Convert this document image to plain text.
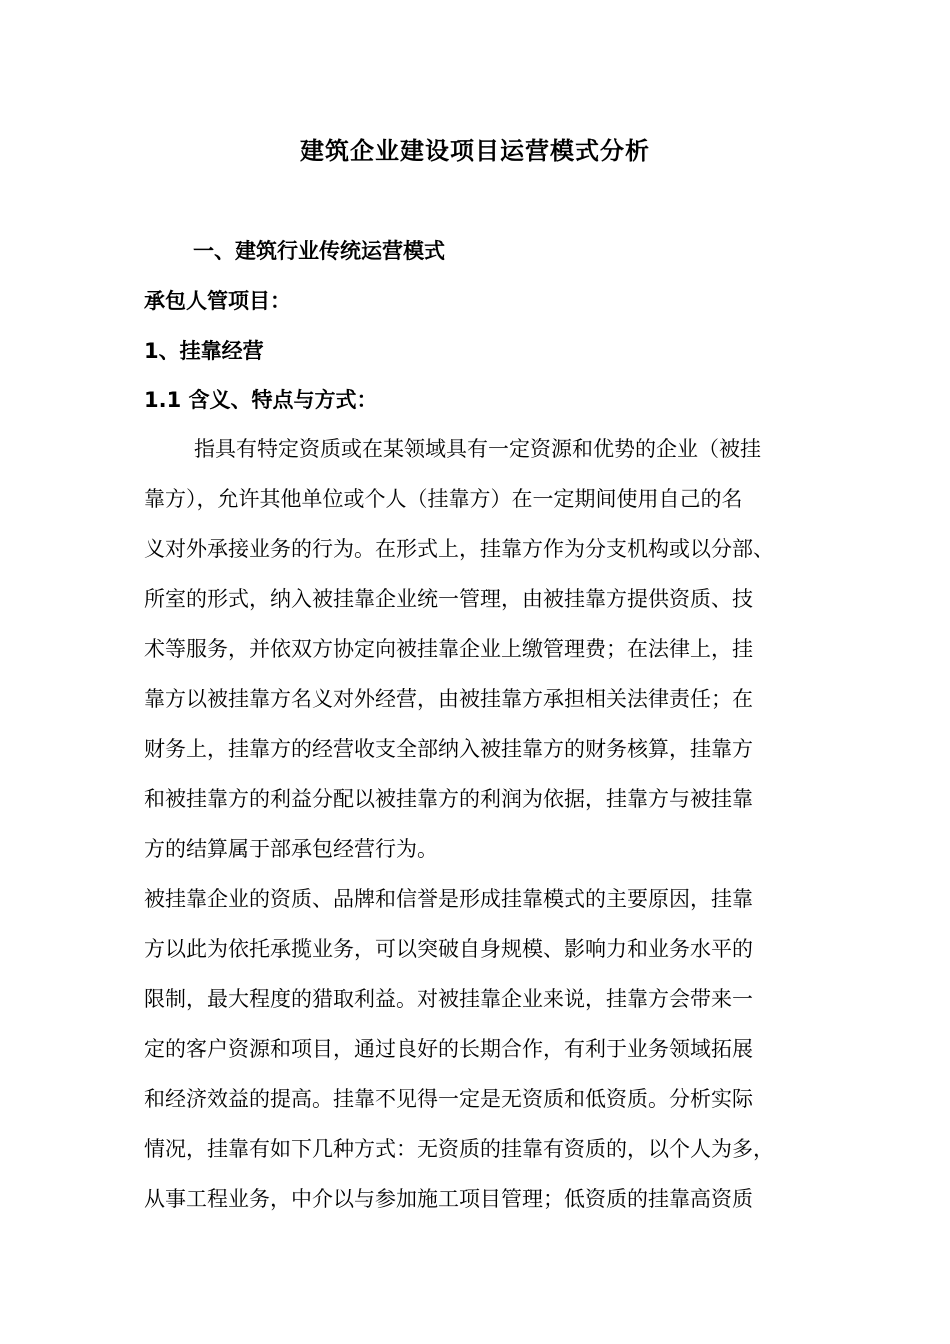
建筑企业建设项目运营模式分析
一、建筑行业传统运营模式
承包人管项目：
1、挂靠经营
1.1 含义、特点与方式：
指具有特定资质或在某领域具有一定资源和优势的企业（被挂
靠方），允许其他单位或个人（挂靠方）在一定期间使用自己的名
义对外承接业务的行为。在形式上，挂靠方作为分支机构或以分部、
所室的形式，纳入被挂靠企业统一管理，由被挂靠方提供资质、技
术等服务，并依双方协定向被挂靠企业上缴管理费；在法律上，挂
靠方以被挂靠方名义对外经营，由被挂靠方承担相关法律责任；在
财务上，挂靠方的经营收支全部纳入被挂靠方的财务核算，挂靠方
和被挂靠方的利益分配以被挂靠方的利润为依据，挂靠方与被挂靠
方的结算属于部承包经营行为。
被挂靠企业的资质、品牌和信誉是形成挂靠模式的主要原因，挂靠
方以此为依托承揽业务，可以突破自身规模、影响力和业务水平的
限制，最大程度的猎取利益。对被挂靠企业来说，挂靠方会带来一
定的客户资源和项目，通过良好的长期合作，有利于业务领域拓展
和经济效益的提高。挂靠不见得一定是无资质和低资质。分析实际
情况，挂靠有如下几种方式：无资质的挂靠有资质的，以个人为多，
从事工程业务，中介以与参加施工项目管理；低资质的挂靠高资质
